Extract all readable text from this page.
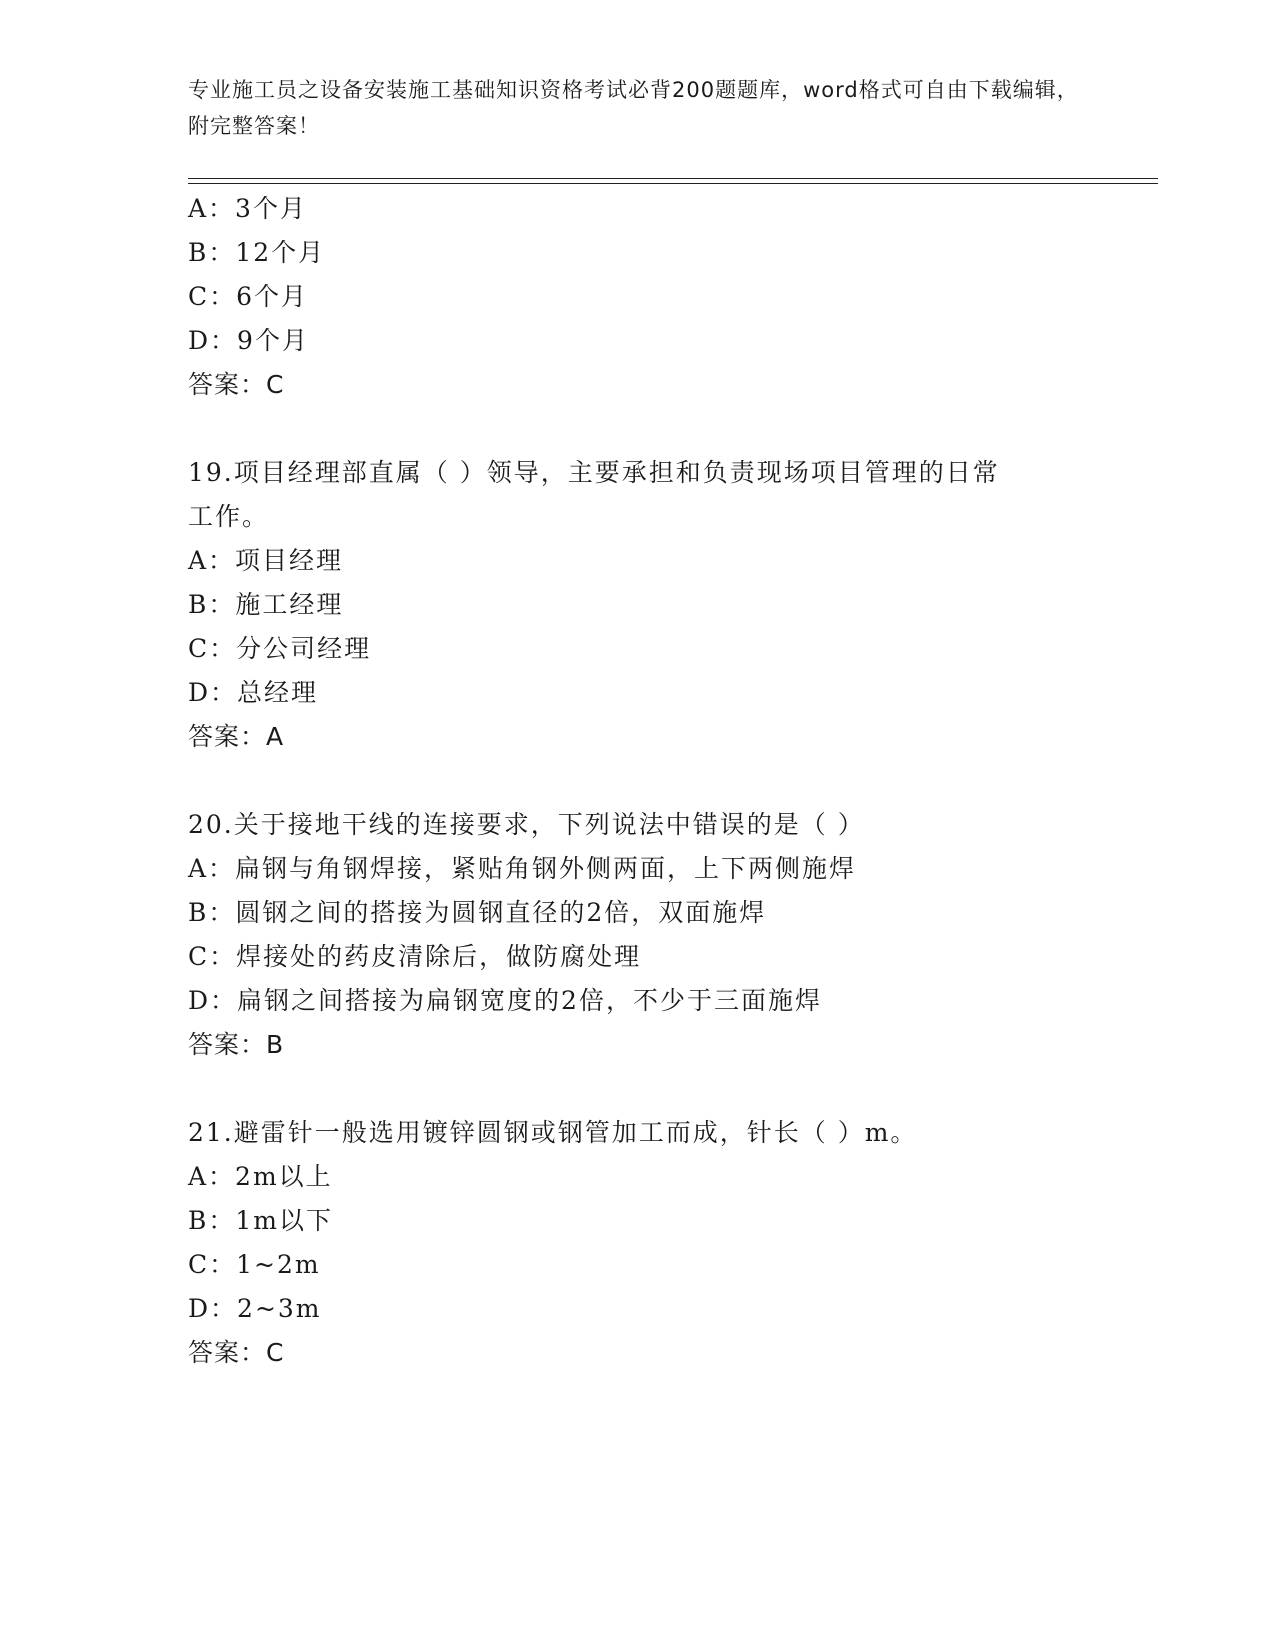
专业施工员之设备安装施工基础知识资格考试必背200题题库，word格式可自由下载编辑，附完整答案！
A：3个月
B：12个月
C：6个月
D：9个月
答案：C
19.项目经理部直属（ ）领导，主要承担和负责现场项目管理的日常
工作。
A：项目经理
B：施工经理
C：分公司经理
D：总经理
答案：A
20.关于接地干线的连接要求，下列说法中错误的是（ ）
A：扁钢与角钢焊接，紧贴角钢外侧两面，上下两侧施焊
B：圆钢之间的搭接为圆钢直径的2倍，双面施焊
C：焊接处的药皮清除后，做防腐处理
D：扁钢之间搭接为扁钢宽度的2倍，不少于三面施焊
答案：B
21.避雷针一般选用镀锌圆钢或钢管加工而成，针长（ ）m。
A：2m以上
B：1m以下
C：1~2m
D：2~3m
答案：C
